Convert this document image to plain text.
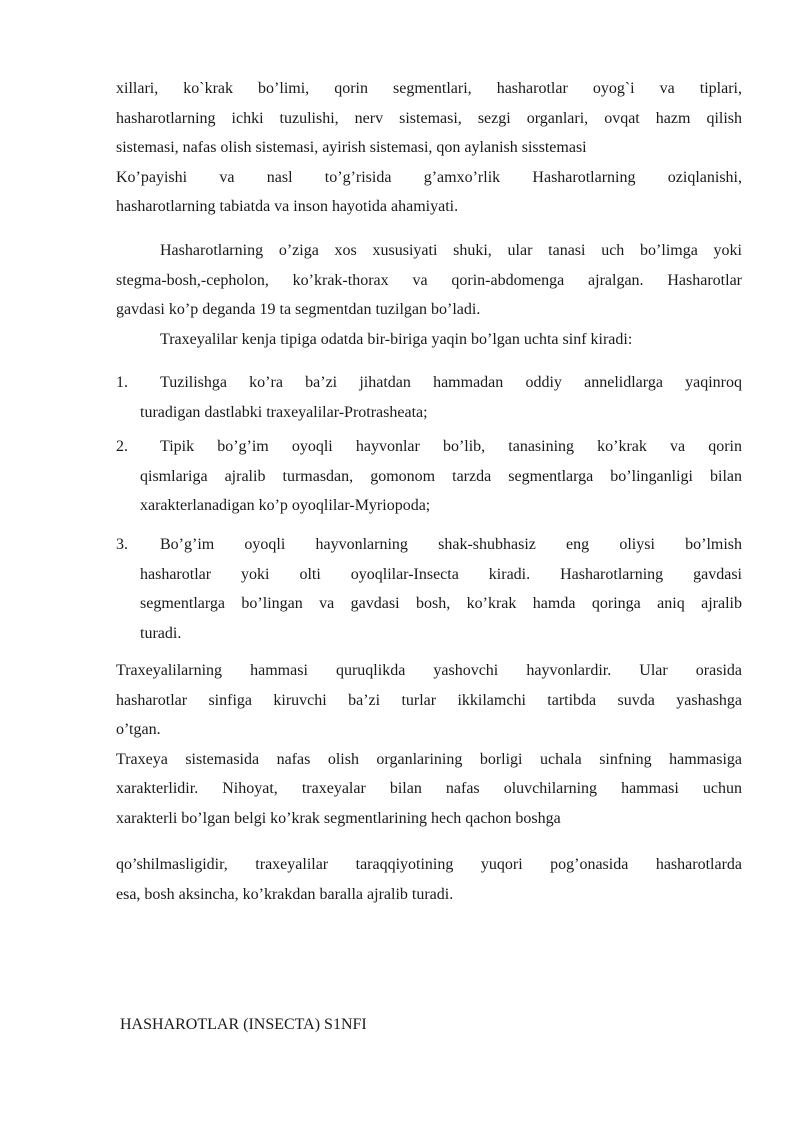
xillari, ko`krak bo’limi, qorin segmentlari, hasharotlar oyog`i va tiplari,
hasharotlarning ichki tuzulishi, nerv sistemasi, sezgi organlari, ovqat hazm qilish
sistemasi, nafas olish sistemasi, ayirish sistemasi, qon aylanish sisstemasi
Ko’payishi va nasl to’g’risida g’amxo’rlik Hasharotlarning oziqlanishi,
hasharotlarning tabiatda va inson hayotida ahamiyati.
Hasharotlarning o’ziga xos xususiyati shuki, ular tanasi uch bo’limga yoki
stegma-bosh,-cepholon, ko’krak-thorax va qorin-abdomenga ajralgan. Hasharotlar
gavdasi ko’p deganda 19 ta segmentdan tuzilgan bo’ladi.
Traxeyalilar kenja tipiga odatda bir-biriga yaqin bo’lgan uchta sinf kiradi:
1.	Tuzilishga ko’ra ba’zi jihatdan hammadan oddiy annelidlarga yaqinroq
turadigan dastlabki traxeyalilar-Protrasheata;
2.	Tipik bo’g’im oyoqli hayvonlar bo’lib, tanasining ko’krak va qorin
qismlariga ajralib turmasdan, gomonom tarzda segmentlarga bo’linganligi bilan
xarakterlanadigan ko’p oyoqlilar-Myriopoda;
3.	Bo’g’im oyoqli hayvonlarning shak-shubhasiz eng oliysi bo’lmish
hasharotlar yoki olti oyoqlilar-Insecta kiradi. Hasharotlarning gavdasi
segmentlarga bo’lingan va gavdasi bosh, ko’krak hamda qoringa aniq ajralib
turadi.
Traxeyalilarning hammasi quruqlikda yashovchi hayvonlardir. Ular orasida
hasharotlar sinfiga kiruvchi ba’zi turlar ikkilamchi tartibda suvda yashashga
o’tgan.
Traxeya sistemasida nafas olish organlarining borligi uchala sinfning hammasiga
xarakterlidir. Nihoyat, traxeyalar bilan nafas oluvchilarning hammasi uchun
xarakterli bo’lgan belgi ko’krak segmentlarining hech qachon boshga
qo’shilmasligidir, traxeyalilar taraqqiyotining yuqori pog’onasida hasharotlarda
esa, bosh aksincha, ko’krakdan baralla ajralib turadi.
HASHAROTLAR (INSECTA) S1NFI
